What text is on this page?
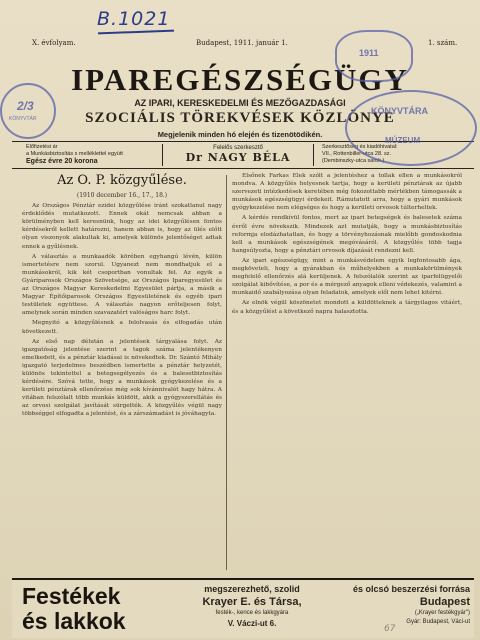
B.1021
X. évfolyam.	Budapest, 1911. január 1.	1. szám.
IPAREGÉSZSÉGÜGY
AZ IPARI, KERESKEDELMI ÉS MEZŐGAZDASÁGI
SZOCIÁLIS TÖREKVÉSEK KÖZLÖNYE
Megjelenik minden hó elején és tizenötödikén.
Előfizetési ár
a Munkásbiztosítás s melléklettel együtt
Egész évre 20 korona
Felelős szerkesztő
Dr NAGY BÉLA
Szerkesztőség és kiadóhivatal:
VII., Rottenbiller-utca 28. sz.
(Dembinszky-utca sarok.)
Az O. P. közgyűlése.
(1910 december 16., 17., 18.)

Az Országos Pénztár ezidei közgyűlése iránt szokatlanul nagy érdeklődés mutatkozott. Ennek okát nemcsak abban a körülményben kell keresnünk, hogy az idei közgyűlésen fontos kérdésekről kellett határozni, hanem abban is, hogy az ülés előtt olyan viszonyok alakultak ki, amelyek különös jelentőséget adtak ennek a gyűlésnek.

A választás a munkaadók körében egyhangú lévén, külön ismertetésre nem szorul. Ugyanezt nem mondhatjuk el a munkásokról, kik két csoportban vonultak fel. Az egyik a Gyáriparosok Országos Szövetsége, az Országos Iparegyesület és az Országos Magyar Kereskedelmi Egyesület pártja, a másik a Magyar Építőiparosok Országos Egyesületének és egyéb ipari testületek együttese. A választás nagyon erőteljesen folyt, amelynek során minden szavazatért valóságos harc folyt.

Megnyitó a közgyűlésnek a felolvasás és elfogadás után következett.

Az első nap délután a jelentések tárgyalása folyt. Az igazgatóság jelentése szerint a tagok száma jelentékenyen emelkedett, és a pénztár kiadásai is növekedtek. Dr. Szántó Mihály igazgató terjedelmes beszédben ismertette a pénztár helyzetét, különös tekintettel a betegsegélyezés és a balesetbiztosítás kérdésére. Szóvá tette, hogy a munkások gyógykezelése és a kerületi pénztárak ellenőrzése még sok kívánnivalót hagy hátra. A vitában felszólalt több munkás küldött, akik a gyógyszerellátás és az orvosi szolgálat javítását sürgették. A közgyűlés végül nagy többséggel elfogadta a jelentést, és a zárszámadást is jóváhagyta.

Elsőnek Farkas Elek szólt a jelentéshez a tollak ellen a munkásokról mondva. A közgyűlés helyesnek tartja, hogy a kerületi pénztárak az újabb szervezeti intézkedések keretében még fokozottabb mértékben támogassák a munkások egészségügyi érdekeit. Rámutatott arra, hogy a gyári munkások gyógykezelése nem elégséges és hogy a kerületi orvosok túlterheltek.

A kérdés rendkívül fontos, mert az ipari betegségek és balesetek száma évről évre növekszik. Mindezek azt mutatják, hogy a munkásbiztosítás reformja elodázhatatlan, és hogy a törvényhozásnak mielőbb gondoskodnia kell a munkások egészségének megóvásáról. A közgyűlés több tagja hangsúlyozta, hogy a pénztári orvosok díjazását rendezni kell.

Az ipari egészségügy, mint a munkásvédelem egyik legfontosabb ága, megköveteli, hogy a gyárakban és műhelyekben a munkakörülmények megfelelő ellenőrzés alá kerüljenek. A felszólalók szerint az iparfelügyelői szolgálat kibővítése, a por és a mérgező anyagok elleni védekezés, valamint a munkaidő szabályozása olyan feladatok, amelyek elől nem lehet kitérni.

Az elnök végül köszönetet mondott a küldötteknek a tárgyilagos vitáért, és a közgyűlést a következő napra halasztotta.

Festékek
és lakkok
megszerezhető, szolid
Krayer E. és Társa,
festék-, kence és lakkgyára
V. Váczi-ut 6.
és olcsó beszerzési forrása
Budapest
(„Krayer festékgyár")
Gyár: Budapest, Váci-ut
KÖNYVTÁR
2/3
1911
KÖNYVTÁRA
MÚZEUM
67
